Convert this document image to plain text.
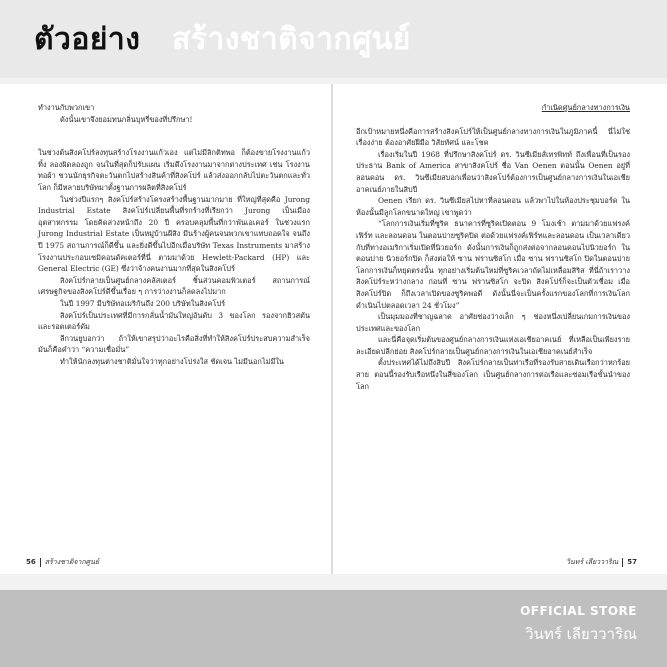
ตัวอย่าง สร้างชาติจากศูนย์

ทำงานกับพวกเขา

ดังนั้นเขาจึงยอมทนกลิ่นบุหรี่ของที่ปรึกษา!

ในช่วงต้นสิงคโปร์ลงทุนสร้างโรงงานแก้วเอง แต่ไม่มีลิกติทพอ ก็ต้องขายโรงงานแก้วทิ้ง ลองผิดลองถูก จนในที่สุดก็ปรับแผน เริ่มดึงโรงงานมาจากต่างประเทศ เช่น โรงงานทอผ้า ชวนนักธุรกิจตะวันตกไปสร้างสินค้าที่สิงคโปร์ แล้วส่งออกกลับไปตะวันตกและทั่วโลก ก็มีหลายบริษัทมาตั้งฐานการผลิตที่สิงคโปร์

ในช่วงปีแรกๆ สิงคโปร์สร้างโครงสร้างพื้นฐานมากมาย ที่ใหญ่ที่สุดคือ Jurong Industrial Estate สิงคโปร์เปลี่ยนพื้นที่รกร้างที่เรียกว่า Jurong เป็นเมืองอุตสาหกรรม โดยคิดล่วงหน้าถึง 20 ปี ครอบคลุมพื้นที่กว่าพันเอเคอร์ ในช่วงแรก Jurong Industrial Estate เป็นหมู่บ้านผีสิง มีนร้างผู้คนจนพวกเขาแทบถอดใจ จนถึงปี 1975 สถานการณ์ก็ดีขึ้น และยิ่งดีขึ้นไปอีกเมื่อบริษัท Texas Instruments มาสร้างโรงงานประกอบเซมิคอนดัคเตอร์ที่นี่ ตามมาด้วย Hewlett-Packard (HP) และ General Electric (GE) ซึ่งว่าจ้างคนงานมากที่สุดในสิงคโปร์

สิงคโปร์กลายเป็นศูนย์กลางคลัสเตอร์ ชิ้นส่วนคอมพิวเตอร์ สถานการณ์เศรษฐกิจของสิงคโปร์ดีขึ้นเรื่อย ๆ การว่างงานก็ลดลงไปมาก

ในปี 1997 มีบริษัทอเมริกันถึง 200 บริษัทในสิงคโปร์

สิงคโปร์เป็นประเทศที่มีการกลั่นน้ำมันใหญ่อันดับ 3 ของโลก รองจากฮิวสตันและรอตเตอร์ดัม

ลีกวนยูบอกว่า ถ้าให้เขาสรุปว่าอะไรคือสิ่งที่ทำให้สิงคโปร์ประสบความสำเร็จ มันก็คือคำว่า “ความเชื่อมั่น”

ทำให้นักลงทุนต่างชาติมั่นใจว่าทุกอย่างโปร่งใส ชัดเจน ไม่มีนอกไม่มีใน

กำเนิดศูนย์กลางทางการเงิน

อีกเป้าหมายหนึ่งคือการสร้างสิงคโปร์ให้เป็นศูนย์กลางทางการเงินในภูมิภาคนี้ นี่ไม่ใช่เรื่องง่าย ต้องอาศัยฝีมือ วิสัยทัศน์ และโชค

เรื่องเริ่มในปี 1968 ที่ปรึกษาสิงคโปร์ ดร. วินซีเมียส์เทรพิทท์ ถึงเพื่อนที่เป็นรองประธาน Bank of America สาขาสิงคโปร์ ชื่อ Van Oenen ตอนนั้น Oenen อยู่ที่ลอนดอน ดร. วินซีเมียสบอกเพื่อนว่าสิงคโปร์ต้องการเป็นศูนย์กลางการเงินในเอเชียอาคเนย์ภายในสิบปี

Oenen เรียก ดร. วินซีเมียสไปหาที่ลอนดอน แล้วพาไปในห้องประชุมบอร์ด ในห้องนั้นมีลูกโลกขนาดใหญ่ เขาพูดว่า

“โลกการเงินเริ่มที่ซูริค ธนาคารที่ซูริคเปิดตอน 9 โมงเช้า ตามมาด้วยแฟรงค์เฟิร์ท และลอนดอน ในตอนบ่ายซูริคปิด ต่อด้วยแฟรงค์เฟิร์ทและลอนดอน เป็นเวลาเดียวกับที่ทางอเมริกาเริ่มเปิดที่นิวยอร์ก ดังนั้นการเงินก็ถูกส่งต่อจากลอนดอนไปนิวยอร์ก ในตอนบ่าย นิวยอร์กปิด ก็ส่งต่อให้ ซาน ฟรานซิสโก เมื่อ ซาน ฟรานซิสโก ปิดในตอนบ่าย โลกการเงินก็หยุดตรงนั้น ทุกอย่างเริ่มต้นใหม่ที่ซูริคเวลาถัดไม่เหลื่อมสิริส ที่นี่ถ้าเราวางสิงคโปร์ระหว่างกลาง ก่อนที่ ซาน ฟรานซิสโก จะปิด สิงคโปร์ก็จะเป็นตัวเชื่อม เมื่อสิงคโปร์ปิด ก็ถึงเวลาเปิดของซูริคพอดี ดังนั้นนี่จะเป็นครั้งแรกของโลกที่การเงินโลกดำเนินไปตลอดเวลา 24 ชั่วโมง”

เป็นมุมมองที่ชาญฉลาด อาศัยช่องว่างเล็ก ๆ ช่องหนึ่งเปลี่ยนเกมการเงินของประเทศและของโลก

และนี่คือจุดเริ่มต้นของศูนย์กลางการเงินแห่งเอเชียอาคเนย์ ที่เหลือเป็นเพียงรายละเอียดปลีกย่อย สิงคโปร์กลายเป็นศูนย์กลางการเงินในเอเชียอาคเนย์สำเร็จ

ตั้งประเทศได้ไม่ถึงสิบปี สิงคโปร์กลายเป็นท่าเรือที่รองรับสายเดินเรือกว่าหกร้อยสาย ตอนนี้รองรับเรือหนึ่งในสี่ของโลก เป็นศูนย์กลางการต่อเรือและซ่อมเรือขั้นนำของโลก

56 สร้างชาติจากศูนย์	วินทร์ เลียววาริณ 57
OFFICIAL STORE
วินทร์ เลียววาริณ
